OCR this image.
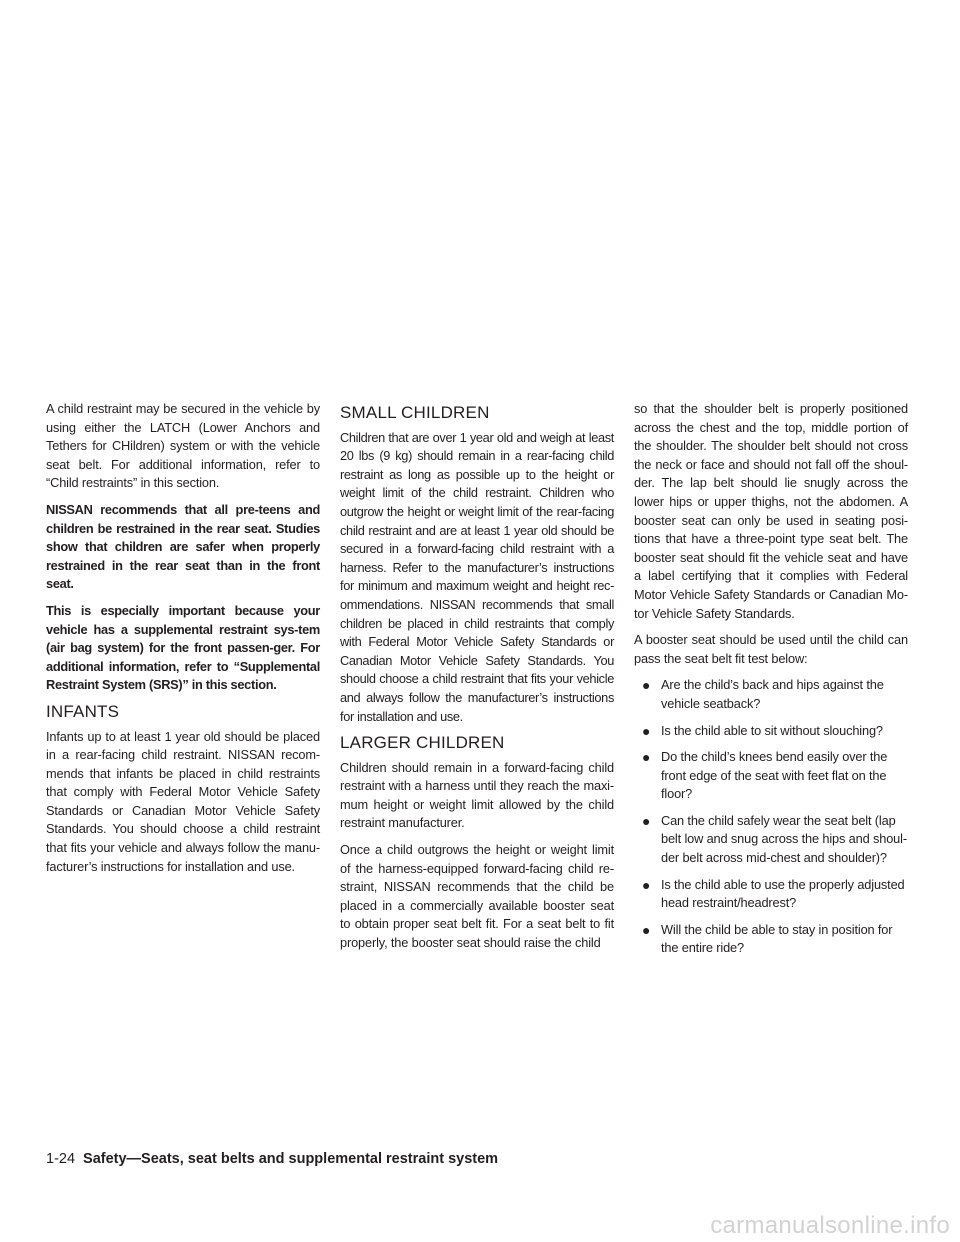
A child restraint may be secured in the vehicle by using either the LATCH (Lower Anchors and Tethers for CHildren) system or with the vehicle seat belt. For additional information, refer to “Child restraints” in this section.

NISSAN recommends that all pre-teens and children be restrained in the rear seat. Studies show that children are safer when properly restrained in the rear seat than in the front seat.

This is especially important because your vehicle has a supplemental restraint sys-tem (air bag system) for the front passen-ger. For additional information, refer to “Supplemental Restraint System (SRS)” in this section.

INFANTS

Infants up to at least 1 year old should be placed in a rear-facing child restraint. NISSAN recom-mends that infants be placed in child restraints that comply with Federal Motor Vehicle Safety Standards or Canadian Motor Vehicle Safety Standards. You should choose a child restraint that fits your vehicle and always follow the manu-facturer’s instructions for installation and use.

SMALL CHILDREN

Children that are over 1 year old and weigh at least 20 lbs (9 kg) should remain in a rear-facing child restraint as long as possible up to the height or weight limit of the child restraint. Children who outgrow the height or weight limit of the rear-facing child restraint and are at least 1 year old should be secured in a forward-facing child restraint with a harness. Refer to the manufacturer’s instructions for minimum and maximum weight and height rec-ommendations. NISSAN recommends that small children be placed in child restraints that comply with Federal Motor Vehicle Safety Standards or Canadian Motor Vehicle Safety Standards. You should choose a child restraint that fits your vehicle and always follow the manufacturer’s instructions for installation and use.

LARGER CHILDREN

Children should remain in a forward-facing child restraint with a harness until they reach the maxi-mum height or weight limit allowed by the child restraint manufacturer.

Once a child outgrows the height or weight limit of the harness-equipped forward-facing child re-straint, NISSAN recommends that the child be placed in a commercially available booster seat to obtain proper seat belt fit. For a seat belt to fit properly, the booster seat should raise the child

so that the shoulder belt is properly positioned across the chest and the top, middle portion of the shoulder. The shoulder belt should not cross the neck or face and should not fall off the shoul-der. The lap belt should lie snugly across the lower hips or upper thighs, not the abdomen. A booster seat can only be used in seating posi-tions that have a three-point type seat belt. The booster seat should fit the vehicle seat and have a label certifying that it complies with Federal Motor Vehicle Safety Standards or Canadian Mo-tor Vehicle Safety Standards.

A booster seat should be used until the child can pass the seat belt fit test below:

● Are the child’s back and hips against the vehicle seatback?
● Is the child able to sit without slouching?
● Do the child’s knees bend easily over the front edge of the seat with feet flat on the floor?
● Can the child safely wear the seat belt (lap belt low and snug across the hips and shoul-der belt across mid-chest and shoulder)?
● Is the child able to use the properly adjusted head restraint/headrest?
● Will the child be able to stay in position for the entire ride?
1-24 Safety—Seats, seat belts and supplemental restraint system
carmanualsonline.info
